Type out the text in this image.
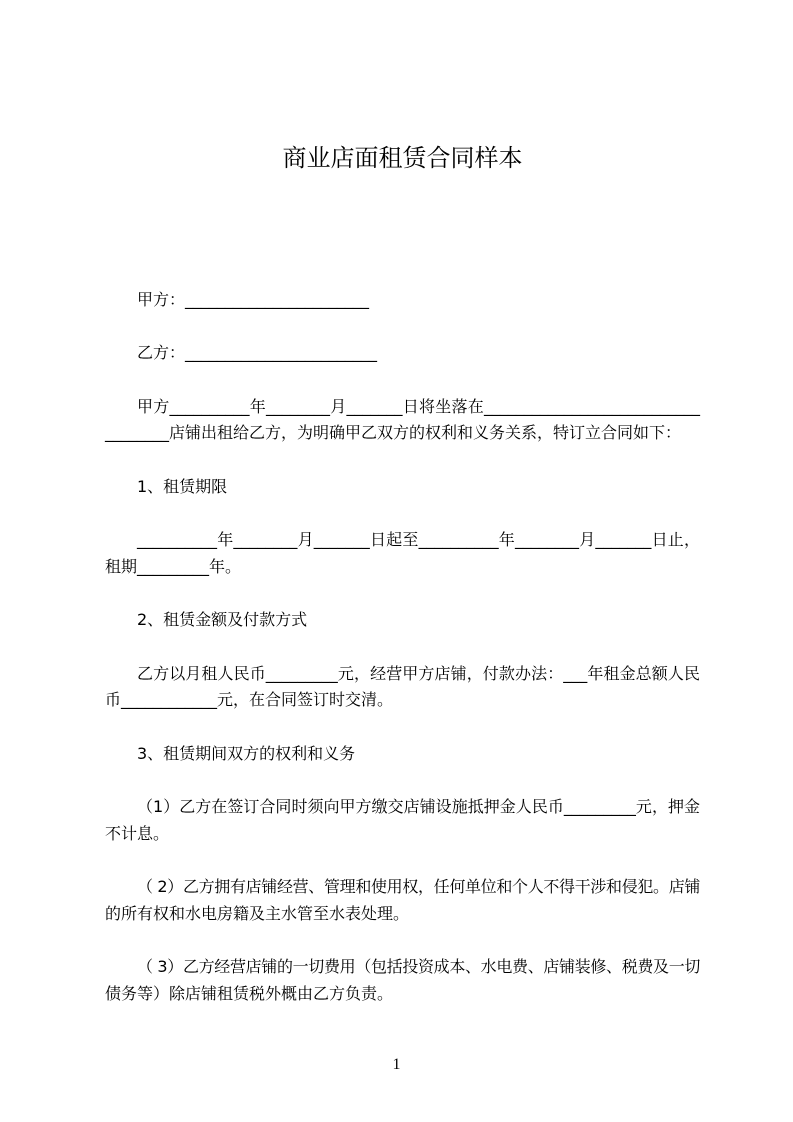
商业店面租赁合同样本
甲方：_______________________
乙方：________________________
甲方__________年________月_______日将坐落在___________________________
________店铺出租给乙方，为明确甲乙双方的权利和义务关系，特订立合同如下：
1、租赁期限
__________年________月_______日起至__________年________月_______日止，
租期_________年。
2、租赁金额及付款方式
乙方以月租人民币_________元，经营甲方店铺，付款办法：___年租金总额人民
币____________元，在合同签订时交清。
3、租赁期间双方的权利和义务
（1）乙方在签订合同时须向甲方缴交店铺设施抵押金人民币_________元，押金
不计息。
（ 2）乙方拥有店铺经营、管理和使用权，任何单位和个人不得干涉和侵犯。店铺
的所有权和水电房籍及主水管至水表处理。
（ 3）乙方经营店铺的一切费用（包括投资成本、水电费、店铺装修、税费及一切
债务等）除店铺租赁税外概由乙方负责。
1
